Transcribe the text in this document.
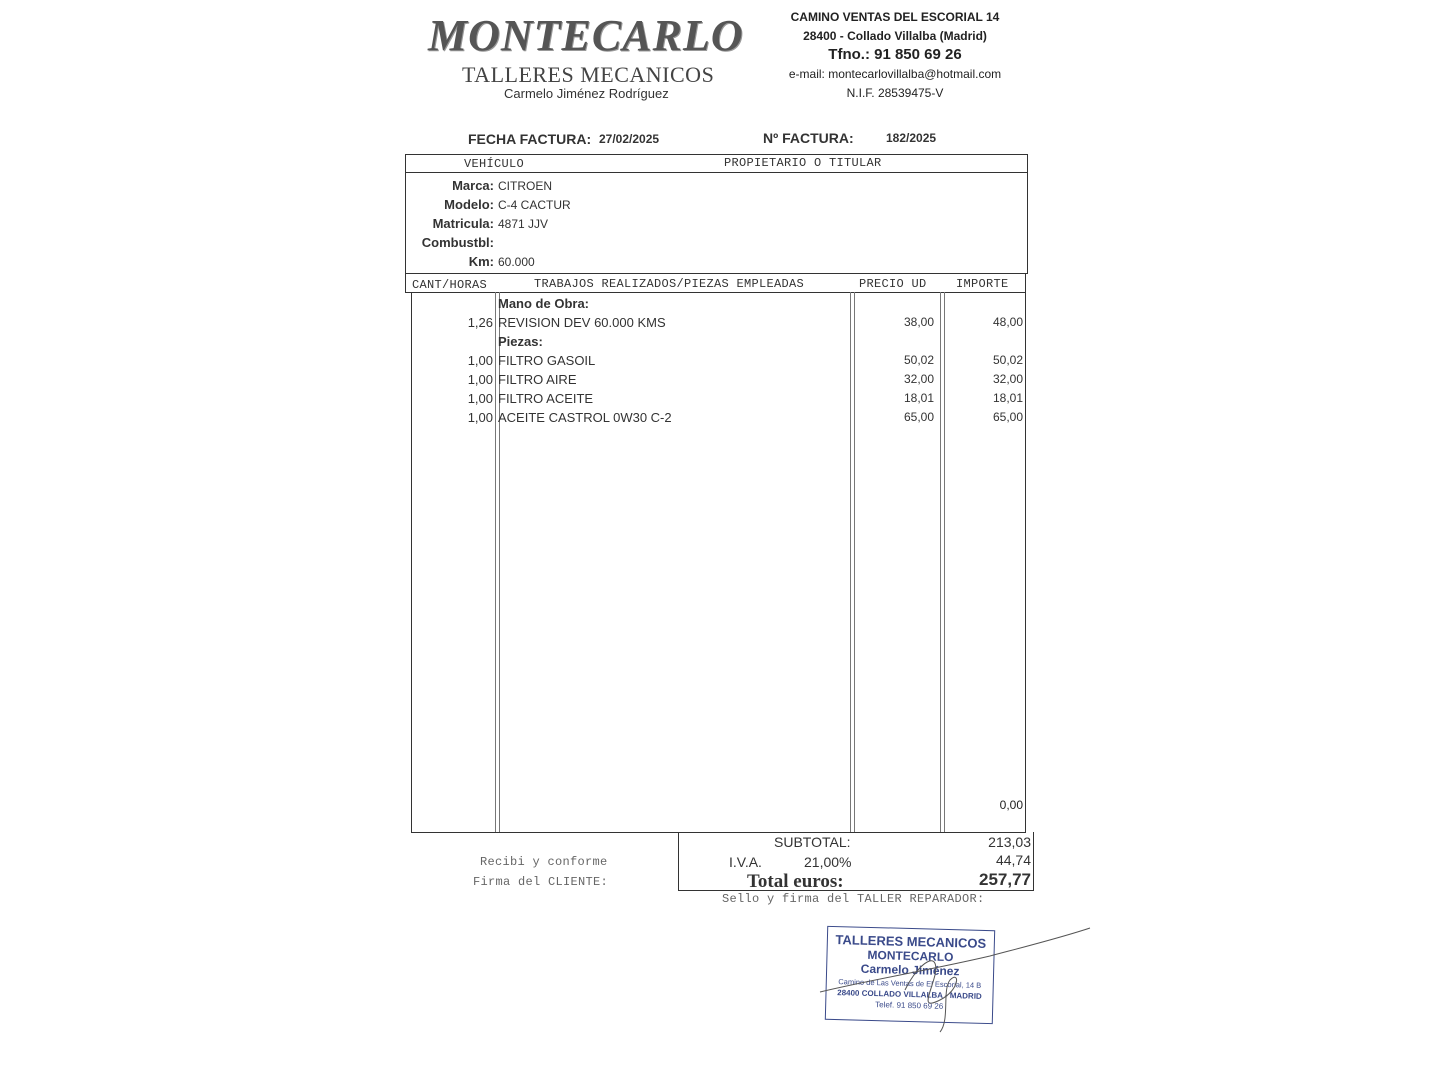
MONTECARLO
TALLERES MECANICOS
Carmelo Jiménez Rodríguez
CAMINO VENTAS DEL ESCORIAL 14
28400 - Collado Villalba (Madrid)
Tfno.: 91 850 69 26
e-mail: montecarlovillalba@hotmail.com
N.I.F. 28539475-V
FECHA FACTURA: 27/02/2025	Nº FACTURA:	182/2025
VEHÍCULO	PROPIETARIO O TITULAR
Marca: CITROEN
Modelo: C-4 CACTUR
Matricula: 4871 JJV
Combustbl:
Km: 60.000
CANT/HORAS	TRABAJOS REALIZADOS/PIEZAS EMPLEADAS	PRECIO UD IMPORTE
Mano de Obra:
1,26 REVISION DEV 60.000 KMS	38,00	48,00
Piezas:
1,00 FILTRO GASOIL	50,02	50,02
1,00 FILTRO AIRE	32,00	32,00
1,00 FILTRO ACEITE	18,01	18,01
1,00 ACEITE CASTROL 0W30 C-2	65,00	65,00
0,00
SUBTOTAL:	213,03
I.V.A.	21,00%	44,74
Total euros:	257,77
Recibi y conforme
Firma del CLIENTE:
Sello y firma del TALLER REPARADOR:
TALLERES MECANICOS
MONTECARLO
Carmelo Jiménez
Camino de Las Ventas de El Escorial, 14 B
28400 COLLADO VILLALBA - MADRID
Telef. 91 850 69 26
